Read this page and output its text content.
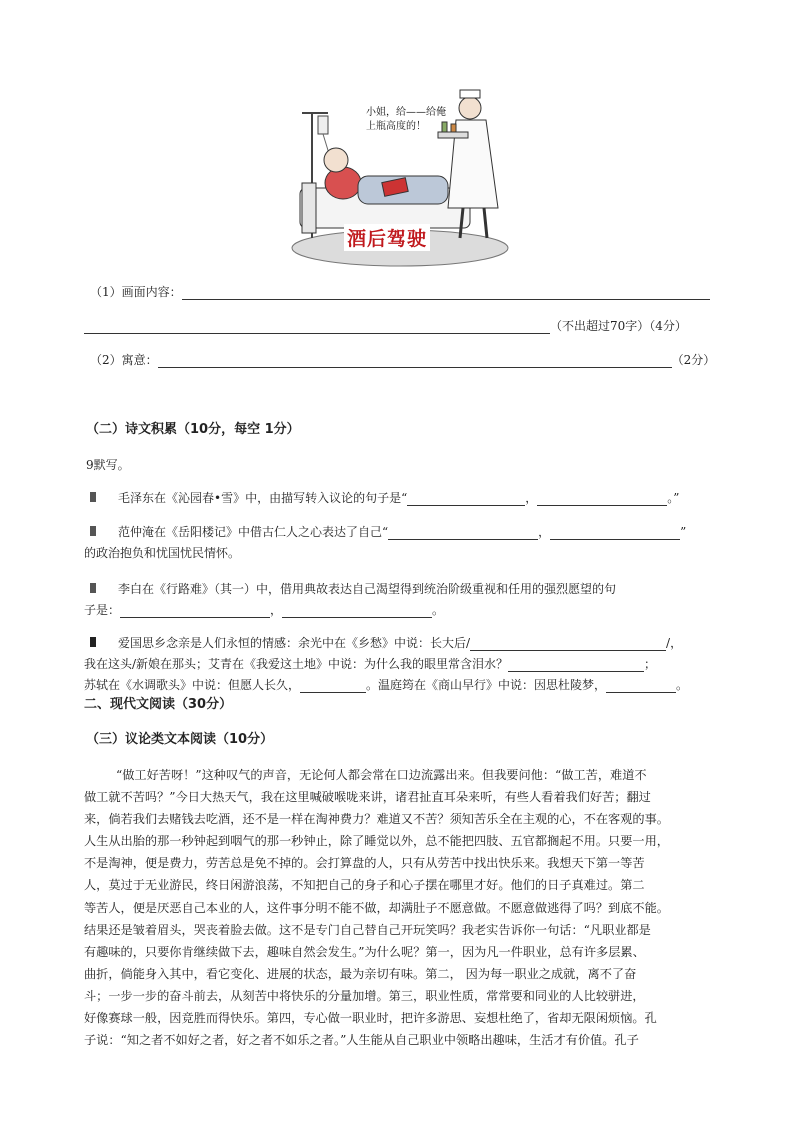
小姐，给——给俺
上瓶高度的！
酒后驾驶
（1）画面内容：
（不出超过70字）（4分）
（2）寓意：	（2分）
（二）诗文积累（10分，每空 1分）
9默写。
毛泽东在《沁园春•雪》中，由描写转入议论的句子是“	，	。”
范仲淹在《岳阳楼记》中借古仁人之心表达了自己“	，	”
的政治抱负和忧国忧民情怀。
李白在《行路难》（其一）中，借用典故表达自己渴望得到统治阶级重视和任用的强烈愿望的句
子是：	，	。
爱国思乡念亲是人们永恒的情感：余光中在《乡愁》中说：长大后/	/，
我在这头/新娘在那头；艾青在《我爱这土地》中说：为什么我的眼里常含泪水？	；
苏轼在《水调歌头》中说：但愿人长久，	。温庭筠在《商山早行》中说：因思杜陵梦，	。
二、现代文阅读（30分）
（三）议论类文本阅读（10分）
“做工好苦呀！”这种叹气的声音，无论何人都会常在口边流露出来。但我要问他：“做工苦，难道不
做工就不苦吗？”今日大热天气，我在这里喊破喉咙来讲，诸君扯直耳朵来听，有些人看着我们好苦；翻过
来，倘若我们去赌钱去吃酒，还不是一样在淘神费力？难道又不苦？须知苦乐全在主观的心，不在客观的事。
人生从出胎的那一秒钟起到咽气的那一秒钟止，除了睡觉以外，总不能把四肢、五官都搁起不用。只要一用，
不是淘神，便是费力，劳苦总是免不掉的。会打算盘的人，只有从劳苦中找出快乐来。我想天下第一等苦
人，莫过于无业游民，终日闲游浪荡，不知把自己的身子和心子摆在哪里才好。他们的日子真难过。第二
等苦人，便是厌恶自己本业的人，这件事分明不能不做，却满肚子不愿意做。不愿意做逃得了吗？到底不能。
结果还是皱着眉头，哭丧着脸去做。这不是专门自己替自己开玩笑吗？我老实告诉你一句话：“凡职业都是
有趣味的，只要你肯继续做下去，趣味自然会发生。”为什么呢？第一，因为凡一件职业，总有许多层累、
曲折，倘能身入其中，看它变化、进展的状态，最为亲切有味。第二， 因为每一职业之成就，离不了奋
斗；一步一步的奋斗前去，从刻苦中将快乐的分量加增。第三，职业性质，常常要和同业的人比较骈进，
好像赛球一般，因竞胜而得快乐。第四，专心做一职业时，把许多游思、妄想杜绝了，省却无限闲烦恼。孔
子说：“知之者不如好之者，好之者不如乐之者。”人生能从自己职业中领略出趣味，生活才有价值。孔子
